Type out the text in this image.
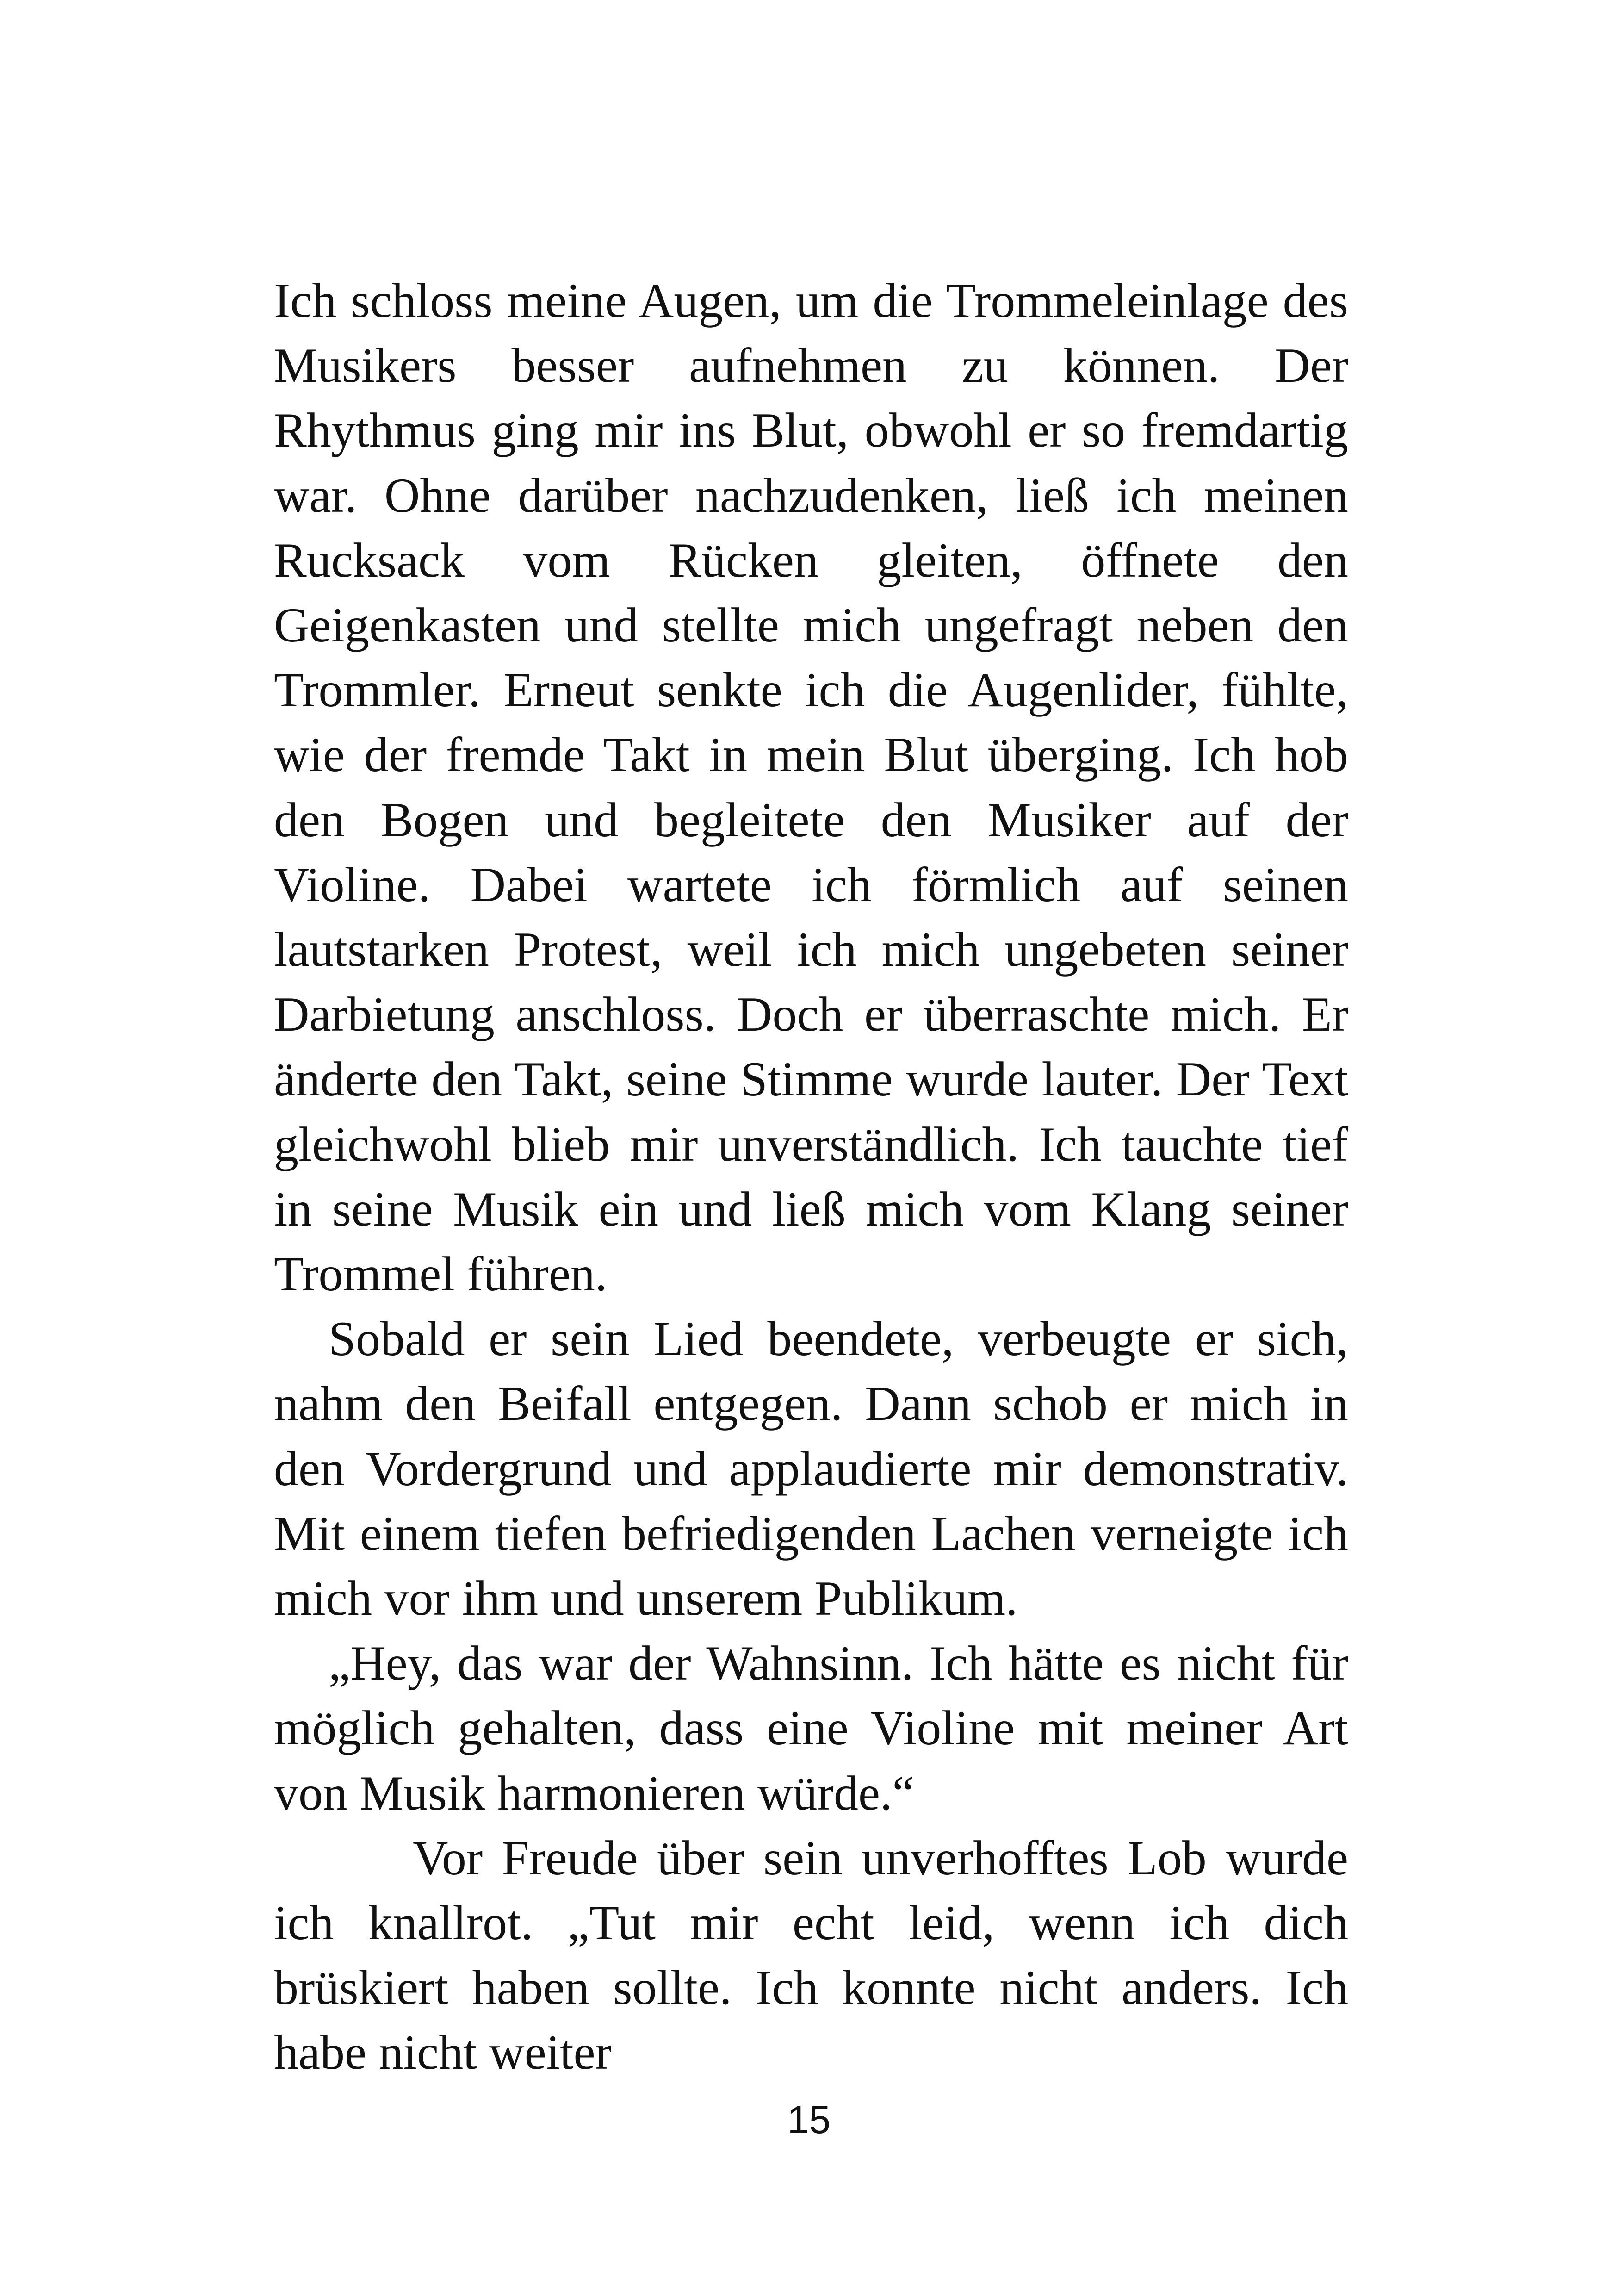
Ich schloss meine Augen, um die Trommeleinlage des Musikers besser aufnehmen zu können. Der Rhythmus ging mir ins Blut, obwohl er so fremdartig war. Ohne darüber nachzudenken, ließ ich meinen Rucksack vom Rücken gleiten, öffnete den Geigenkasten und stellte mich ungefragt neben den Trommler. Erneut senkte ich die Augenlider, fühlte, wie der fremde Takt in mein Blut überging. Ich hob den Bogen und begleitete den Musiker auf der Violine. Dabei wartete ich förmlich auf seinen lautstarken Protest, weil ich mich ungebeten seiner Darbietung anschloss. Doch er überraschte mich. Er änderte den Takt, seine Stimme wurde lauter. Der Text gleichwohl blieb mir unverständlich. Ich tauchte tief in seine Musik ein und ließ mich vom Klang seiner Trommel führen.

Sobald er sein Lied beendete, verbeugte er sich, nahm den Beifall entgegen. Dann schob er mich in den Vordergrund und applaudierte mir demonstrativ. Mit einem tiefen befriedigenden Lachen verneigte ich mich vor ihm und unserem Publikum.

„Hey, das war der Wahnsinn. Ich hätte es nicht für möglich gehalten, dass eine Violine mit meiner Art von Musik harmonieren würde.“

Vor Freude über sein unverhofftes Lob wurde ich knallrot. „Tut mir echt leid, wenn ich dich brüskiert haben sollte. Ich konnte nicht anders. Ich habe nicht weiter

15
